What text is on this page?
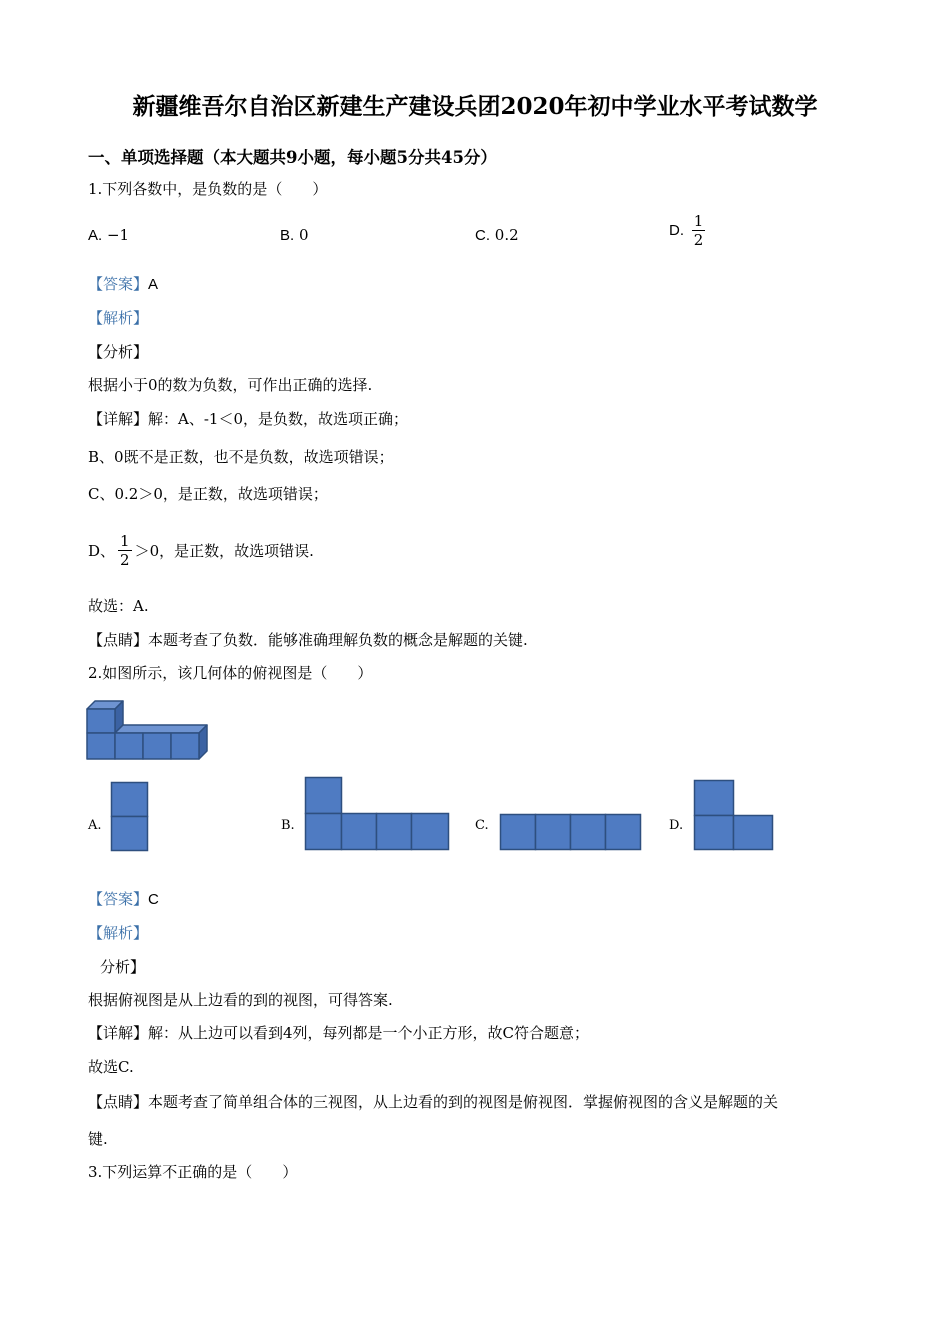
新疆维吾尔自治区新建生产建设兵团2020年初中学业水平考试数学
一、单项选择题（本大题共9小题，每小题5分共45分）
1.下列各数中，是负数的是（　　）
A. −1	B. 0	C. 0.2	D. $\frac{1}{2}$
【答案】A
【解析】
【分析】
根据小于0的数为负数，可作出正确的选择.
【详解】解：A、-1＜0，是负数，故选项正确；
B、0既不是正数，也不是负数，故选项错误；
C、0.2＞0，是正数，故选项错误；
D、 $\frac{1}{2} >0$，是正数，故选项错误.
故选：A.
【点睛】本题考查了负数．能够准确理解负数的概念是解题的关键.
2.如图所示，该几何体的俯视图是（　　）
A.	B.	C.	D.
【答案】C
【解析】
分析】
根据俯视图是从上边看的到的视图，可得答案.
【详解】解：从上边可以看到4列，每列都是一个小正方形，故C符合题意；
故选C.
【点睛】本题考查了简单组合体的三视图，从上边看的到的视图是俯视图．掌握俯视图的含义是解题的关
键.
3.下列运算不正确的是（　　）
